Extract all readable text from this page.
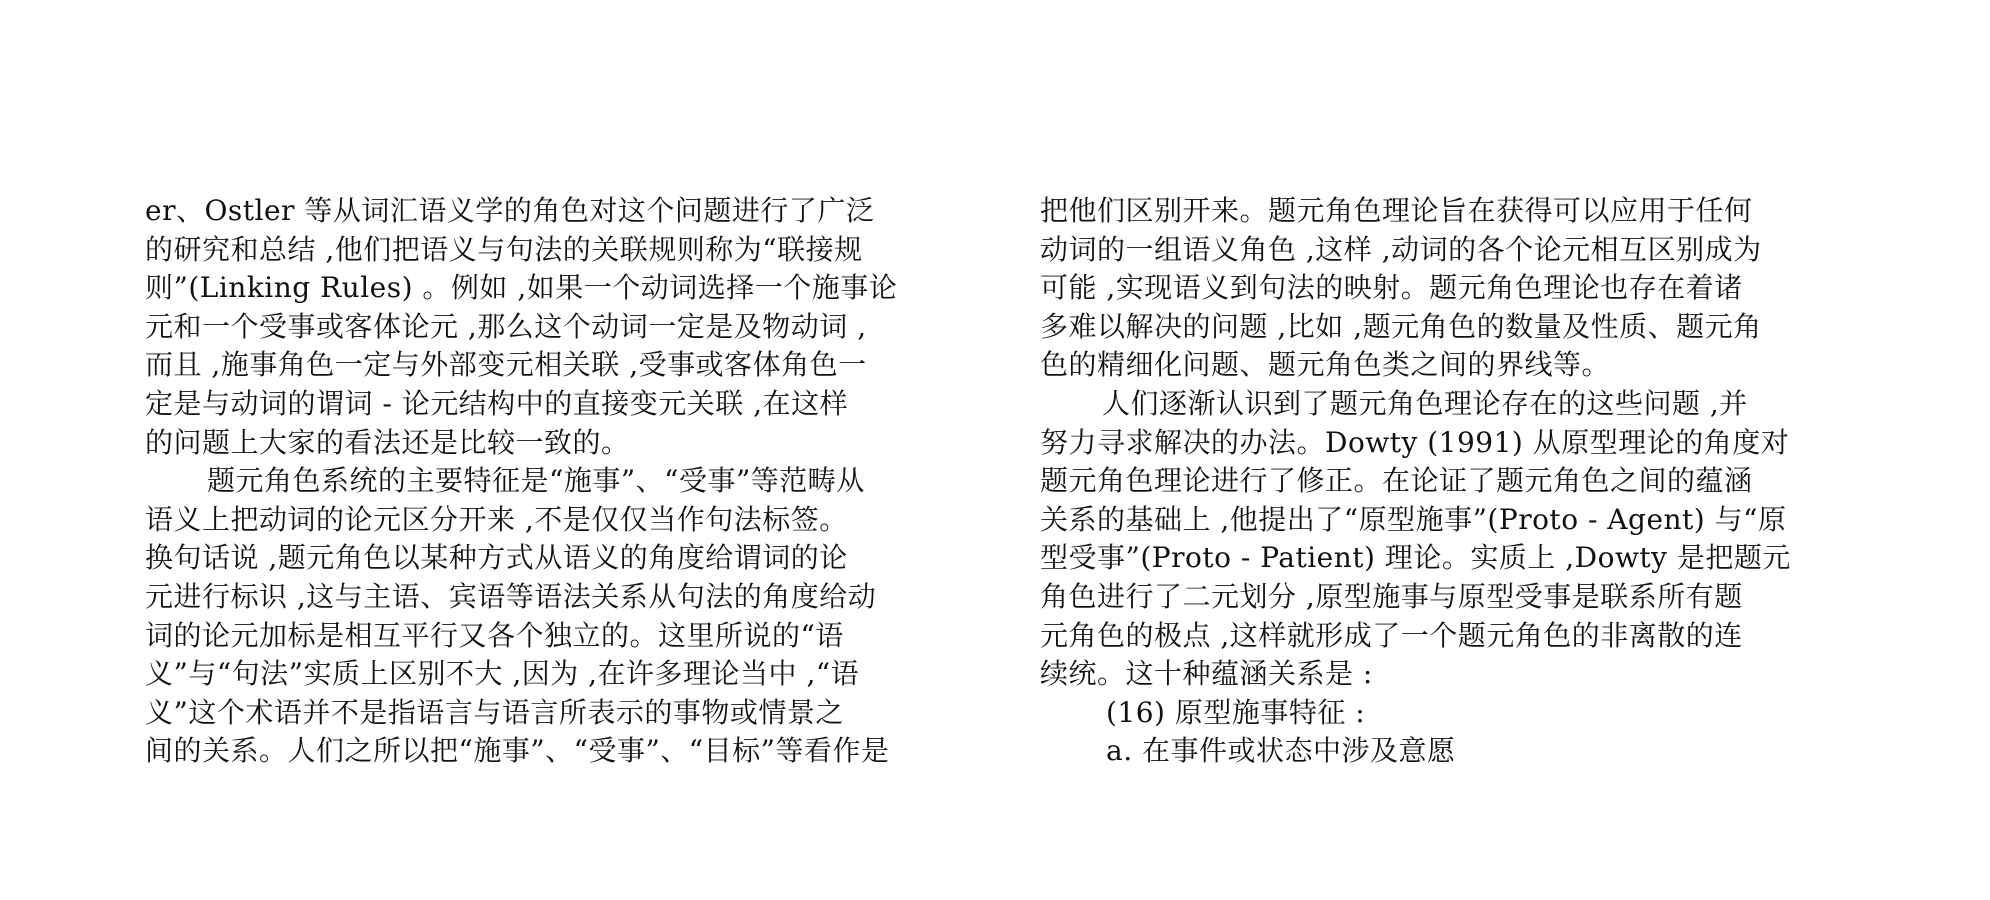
er、Ostler 等从词汇语义学的角色对这个问题进行了广泛
的研究和总结 ,他们把语义与句法的关联规则称为“联接规
则”(Linking Rules) 。例如 ,如果一个动词选择一个施事论
元和一个受事或客体论元 ,那么这个动词一定是及物动词 ,
而且 ,施事角色一定与外部变元相关联 ,受事或客体角色一
定是与动词的谓词 - 论元结构中的直接变元关联 ,在这样
的问题上大家的看法还是比较一致的。
题元角色系统的主要特征是“施事”、“受事”等范畴从
语义上把动词的论元区分开来 ,不是仅仅当作句法标签。
换句话说 ,题元角色以某种方式从语义的角度给谓词的论
元进行标识 ,这与主语、宾语等语法关系从句法的角度给动
词的论元加标是相互平行又各个独立的。这里所说的“语
义”与“句法”实质上区别不大 ,因为 ,在许多理论当中 ,“语
义”这个术语并不是指语言与语言所表示的事物或情景之
间的关系。人们之所以把“施事”、“受事”、“目标”等看作是
把他们区别开来。题元角色理论旨在获得可以应用于任何
动词的一组语义角色 ,这样 ,动词的各个论元相互区别成为
可能 ,实现语义到句法的映射。题元角色理论也存在着诸
多难以解决的问题 ,比如 ,题元角色的数量及性质、题元角
色的精细化问题、题元角色类之间的界线等。
人们逐渐认识到了题元角色理论存在的这些问题 ,并
努力寻求解决的办法。Dowty (1991) 从原型理论的角度对
题元角色理论进行了修正。在论证了题元角色之间的蕴涵
关系的基础上 ,他提出了“原型施事”(Proto - Agent) 与“原
型受事”(Proto - Patient) 理论。实质上 ,Dowty 是把题元
角色进行了二元划分 ,原型施事与原型受事是联系所有题
元角色的极点 ,这样就形成了一个题元角色的非离散的连
续统。这十种蕴涵关系是 :
(16) 原型施事特征 :
a. 在事件或状态中涉及意愿
